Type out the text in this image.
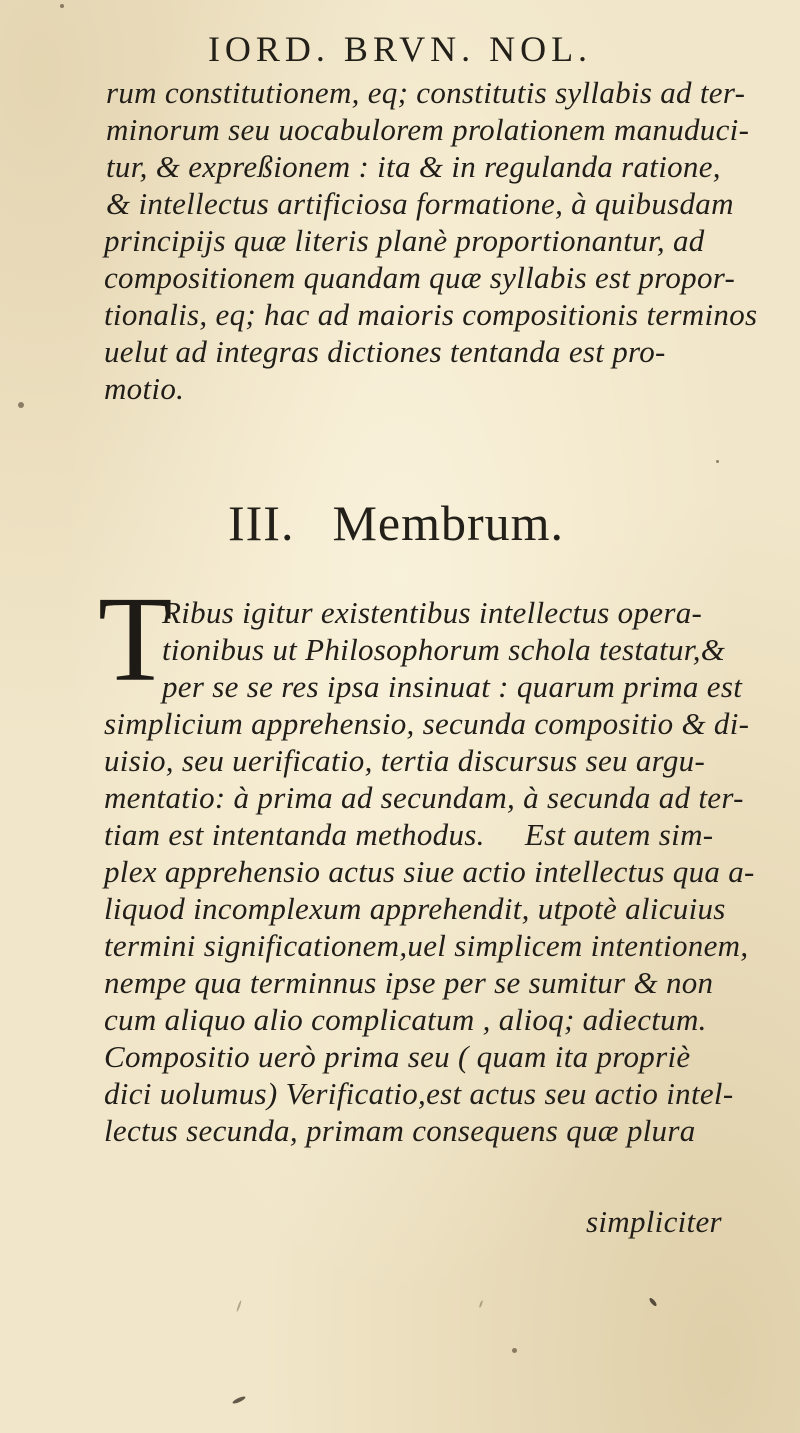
IORD. BRVN. NOL.
rum constitutionem, eq; constitutis syllabis ad ter-
minorum seu uocabulorem prolationem manuduci-
tur, & expreßionem : ita & in regulanda ratione,
& intellectus artificiosa formatione, à quibusdam
principijs quæ literis planè proportionantur, ad
compositionem quandam quæ syllabis est propor-
tionalis, eq; hac ad maioris compositionis terminos
uelut ad integras dictiones tentanda est pro-
motio.
III. Membrum.
T
Ribus igitur existentibus intellectus opera-
tionibus ut Philosophorum schola testatur,&
per se se res ipsa insinuat : quarum prima est
simplicium apprehensio, secunda compositio & di-
uisio, seu uerificatio, tertia discursus seu argu-
mentatio: à prima ad secundam, à secunda ad ter-
tiam est intentanda methodus.     Est autem sim-
plex apprehensio actus siue actio intellectus qua a-
liquod incomplexum apprehendit, utpotè alicuius
termini significationem,uel simplicem intentionem,
nempe qua terminnus ipse per se sumitur & non
cum aliquo alio complicatum , alioq; adiectum.
Compositio uerò prima seu ( quam ita propriè
dici uolumus) Verificatio,est actus seu actio intel-
lectus secunda, primam consequens quæ plura
simpliciter
